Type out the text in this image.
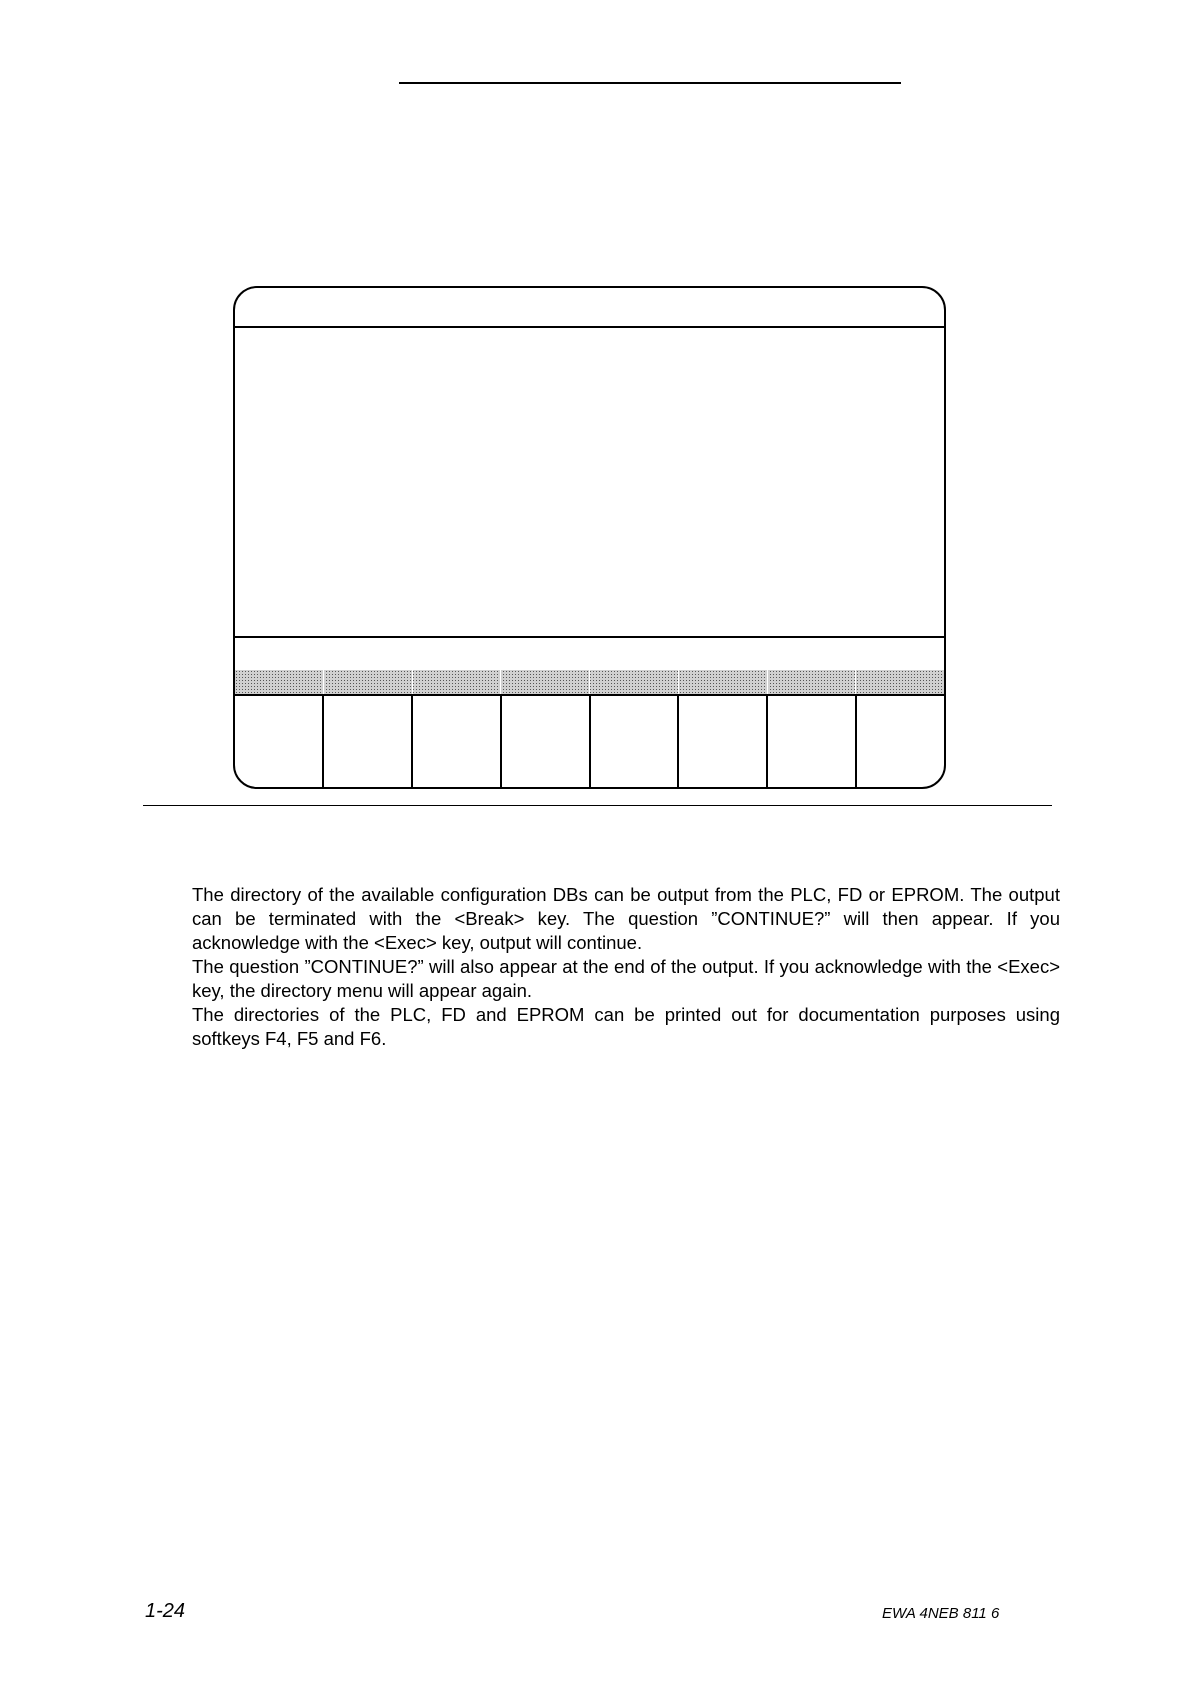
The directory of the available configuration DBs can be output from the PLC, FD or EPROM. The output can be terminated with the <Break> key. The question ”CONTINUE?” will then appear. If you acknowledge with the <Exec> key, output will continue.

The question ”CONTINUE?” will also appear at the end of the output. If you acknowledge with the <Exec> key, the directory menu will appear again.

The directories of the PLC, FD and EPROM can be printed out for documentation purposes using softkeys F4, F5 and F6.

1-24	EWA 4NEB 811 6
